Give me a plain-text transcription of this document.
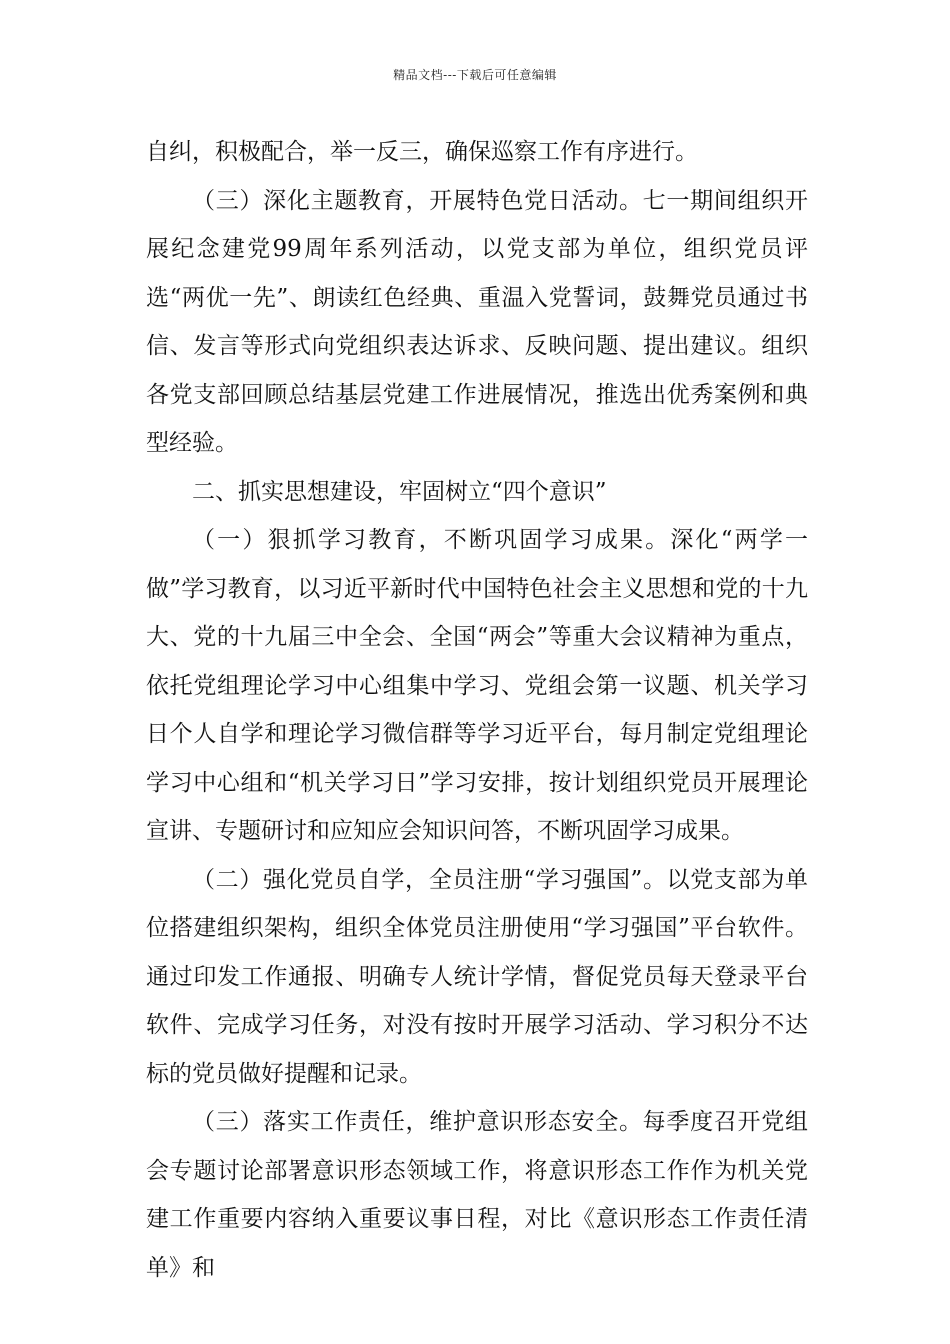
精品文档---下载后可任意编辑

自纠，积极配合，举一反三，确保巡察工作有序进行。

（三）深化主题教育，开展特色党日活动。七一期间组织开展纪念建党99周年系列活动，以党支部为单位，组织党员评选“两优一先”、朗读红色经典、重温入党誓词，鼓舞党员通过书信、发言等形式向党组织表达诉求、反映问题、提出建议。组织各党支部回顾总结基层党建工作进展情况，推选出优秀案例和典型经验。

二、抓实思想建设，牢固树立“四个意识”

（一）狠抓学习教育，不断巩固学习成果。深化“两学一做”学习教育，以习近平新时代中国特色社会主义思想和党的十九大、党的十九届三中全会、全国“两会”等重大会议精神为重点，依托党组理论学习中心组集中学习、党组会第一议题、机关学习日个人自学和理论学习微信群等学习近平台，每月制定党组理论学习中心组和“机关学习日”学习安排，按计划组织党员开展理论宣讲、专题研讨和应知应会知识问答，不断巩固学习成果。

（二）强化党员自学，全员注册“学习强国”。以党支部为单位搭建组织架构，组织全体党员注册使用“学习强国”平台软件。通过印发工作通报、明确专人统计学情，督促党员每天登录平台软件、完成学习任务，对没有按时开展学习活动、学习积分不达标的党员做好提醒和记录。

（三）落实工作责任，维护意识形态安全。每季度召开党组会专题讨论部署意识形态领域工作，将意识形态工作作为机关党建工作重要内容纳入重要议事日程，对比《意识形态工作责任清单》和
